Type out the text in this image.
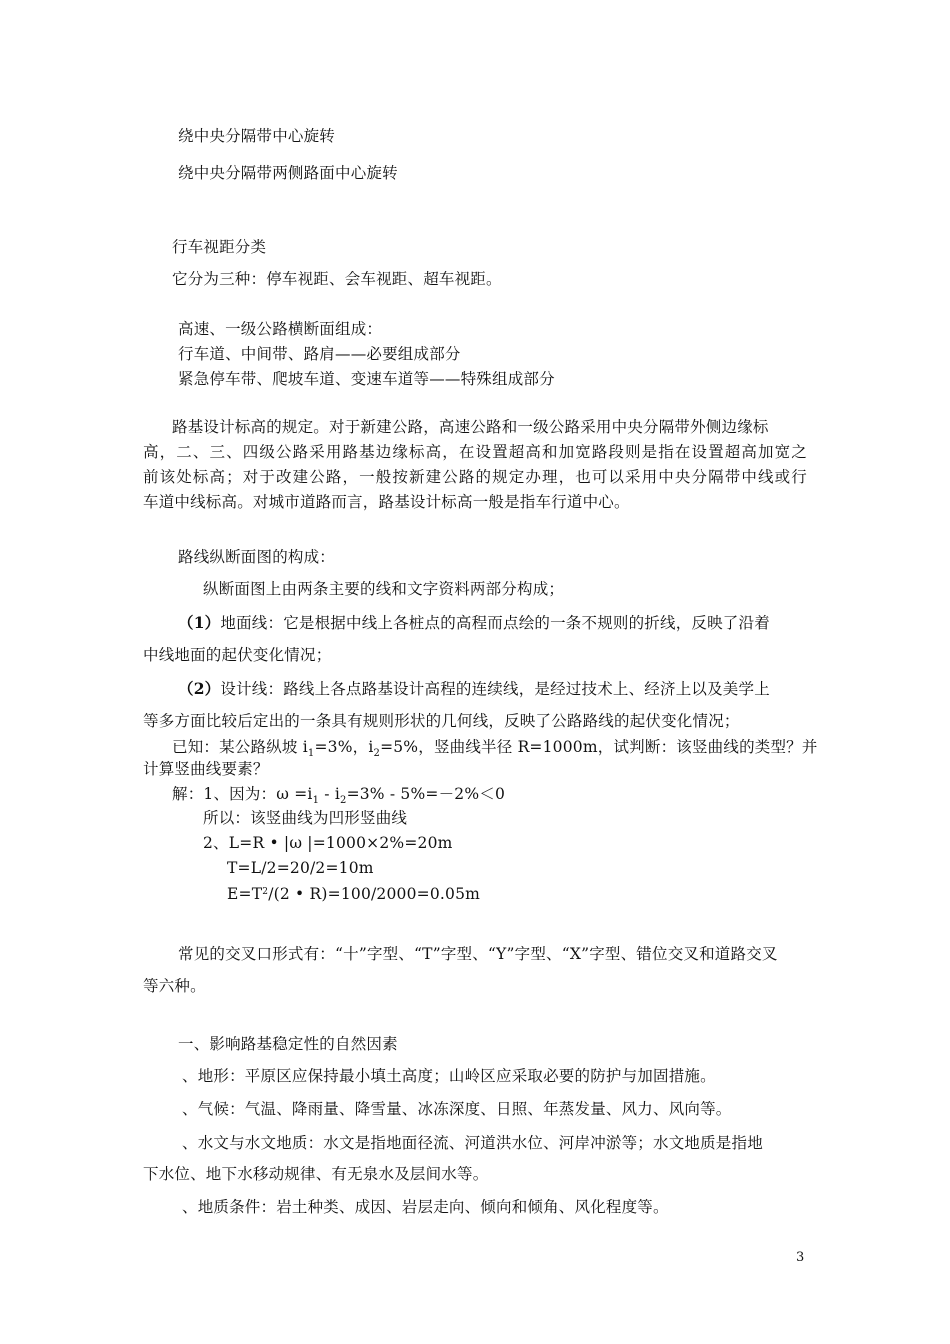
绕中央分隔带中心旋转
绕中央分隔带两侧路面中心旋转
行车视距分类
它分为三种：停车视距、会车视距、超车视距。
高速、一级公路横断面组成：
行车道、中间带、路肩——必要组成部分
紧急停车带、爬坡车道、变速车道等——特殊组成部分
路基设计标高的规定。对于新建公路，高速公路和一级公路采用中央分隔带外侧边缘标
高，二、三、四级公路采用路基边缘标高，在设置超高和加宽路段则是指在设置超高加宽之
前该处标高；对于改建公路，一般按新建公路的规定办理，也可以采用中央分隔带中线或行
车道中线标高。对城市道路而言，路基设计标高一般是指车行道中心。
路线纵断面图的构成：
纵断面图上由两条主要的线和文字资料两部分构成；
（1）地面线：它是根据中线上各桩点的高程而点绘的一条不规则的折线，反映了沿着
中线地面的起伏变化情况；
（2）设计线：路线上各点路基设计高程的连续线，是经过技术上、经济上以及美学上
等多方面比较后定出的一条具有规则形状的几何线，反映了公路路线的起伏变化情况；
已知：某公路纵坡 $i_1=3\%$，$i_2=5\%$，竖曲线半径 R=1000m，试判断：该竖曲线的类型？并
计算竖曲线要素？
解：1、因为：$\omega =i_1 - i_2=3\% - 5\%=-2\%<0$
所以：该竖曲线为凹形竖曲线
2、L=R • |ω |=1000×2%=20m
T=L/2=20/2=10m
$E=T^2/(2$ • R)=100/2000=0.05m
常见的交叉口形式有：“十”字型、“T”字型、“Y”字型、“X”字型、错位交叉和道路交叉
等六种。
一、影响路基稳定性的自然因素
、地形：平原区应保持最小填土高度；山岭区应采取必要的防护与加固措施。
、气候：气温、降雨量、降雪量、冰冻深度、日照、年蒸发量、风力、风向等。
、水文与水文地质：水文是指地面径流、河道洪水位、河岸冲淤等；水文地质是指地
下水位、地下水移动规律、有无泉水及层间水等。
、地质条件：岩土种类、成因、岩层走向、倾向和倾角、风化程度等。
3
